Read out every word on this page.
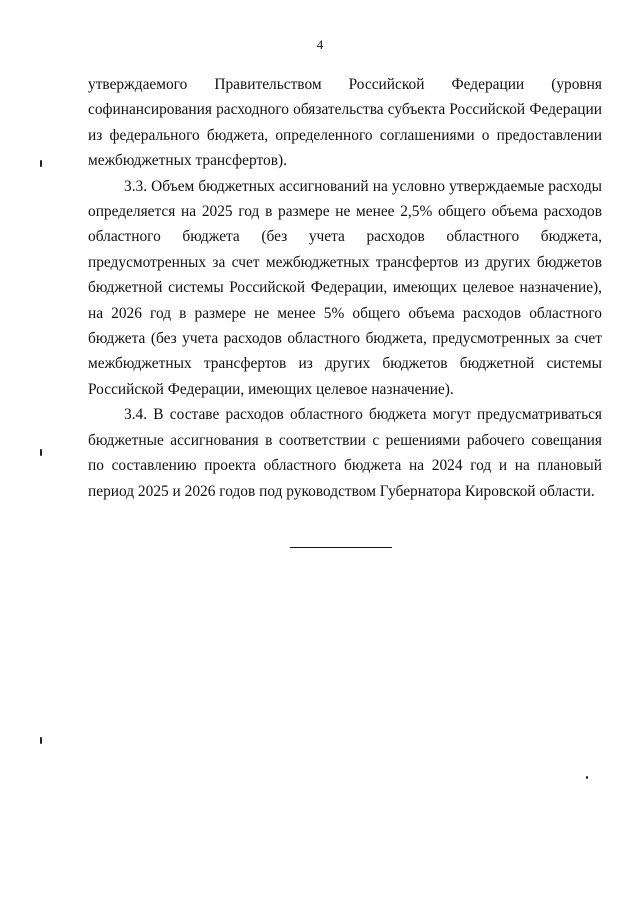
4

утверждаемого Правительством Российской Федерации (уровня софинансирования расходного обязательства субъекта Российской Федерации из федерального бюджета, определенного соглашениями о предоставлении межбюджетных трансфертов).

3.3. Объем бюджетных ассигнований на условно утверждаемые расходы определяется на 2025 год в размере не менее 2,5% общего объема расходов областного бюджета (без учета расходов областного бюджета, предусмотренных за счет межбюджетных трансфертов из других бюджетов бюджетной системы Российской Федерации, имеющих целевое назначение), на 2026 год в размере не менее 5% общего объема расходов областного бюджета (без учета расходов областного бюджета, предусмотренных за счет межбюджетных трансфертов из других бюджетов бюджетной системы Российской Федерации, имеющих целевое назначение).

3.4. В составе расходов областного бюджета могут предусматриваться бюджетные ассигнования в соответствии с решениями рабочего совещания по составлению проекта областного бюджета на 2024 год и на плановый период 2025 и 2026 годов под руководством Губернатора Кировской области.
